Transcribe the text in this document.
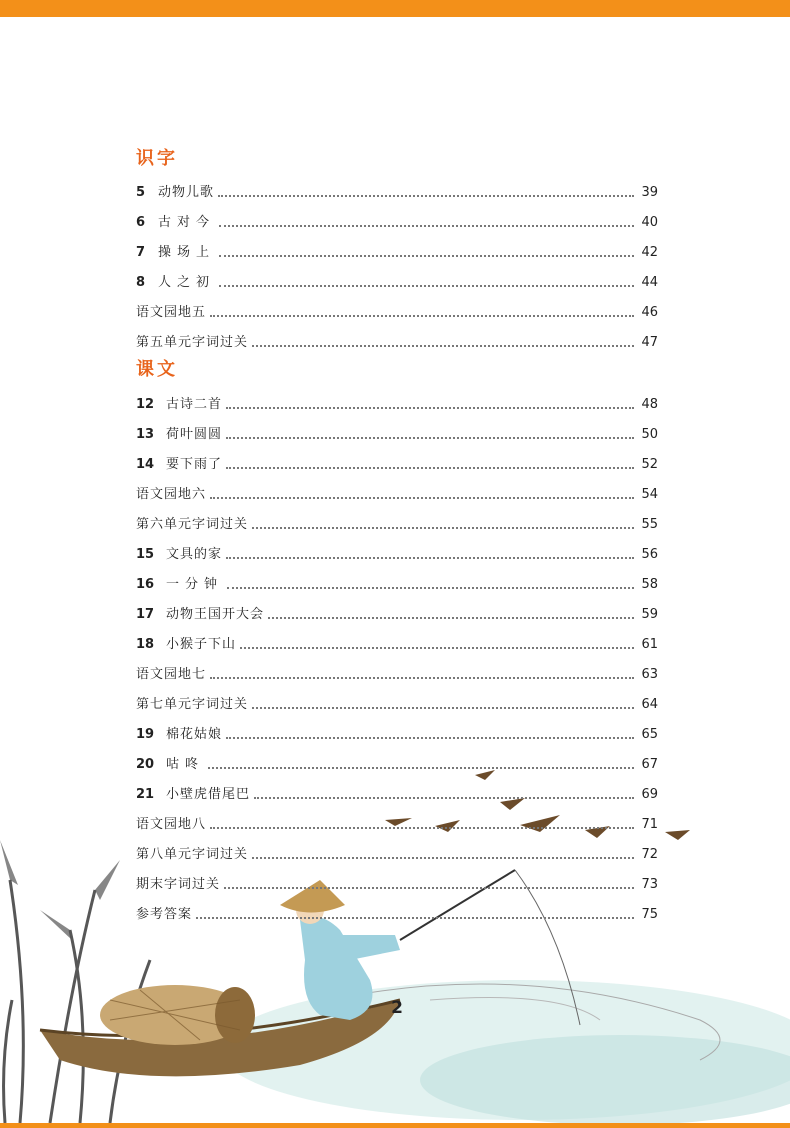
识字
5 动物儿歌	39
6 古对今	40
7 操场上	42
8 人之初	44
语文园地五	46
第五单元字词过关	47
课文
12 古诗二首	48
13 荷叶圆圆	50
14 要下雨了	52
语文园地六	54
第六单元字词过关	55
15 文具的家	56
16 一分钟	58
17 动物王国开大会	59
18 小猴子下山	61
语文园地七	63
第七单元字词过关	64
19 棉花姑娘	65
20 咕咚	67
21 小壁虎借尾巴	69
语文园地八	71
第八单元字词过关	72
期末字词过关	73
参考答案	75
2
